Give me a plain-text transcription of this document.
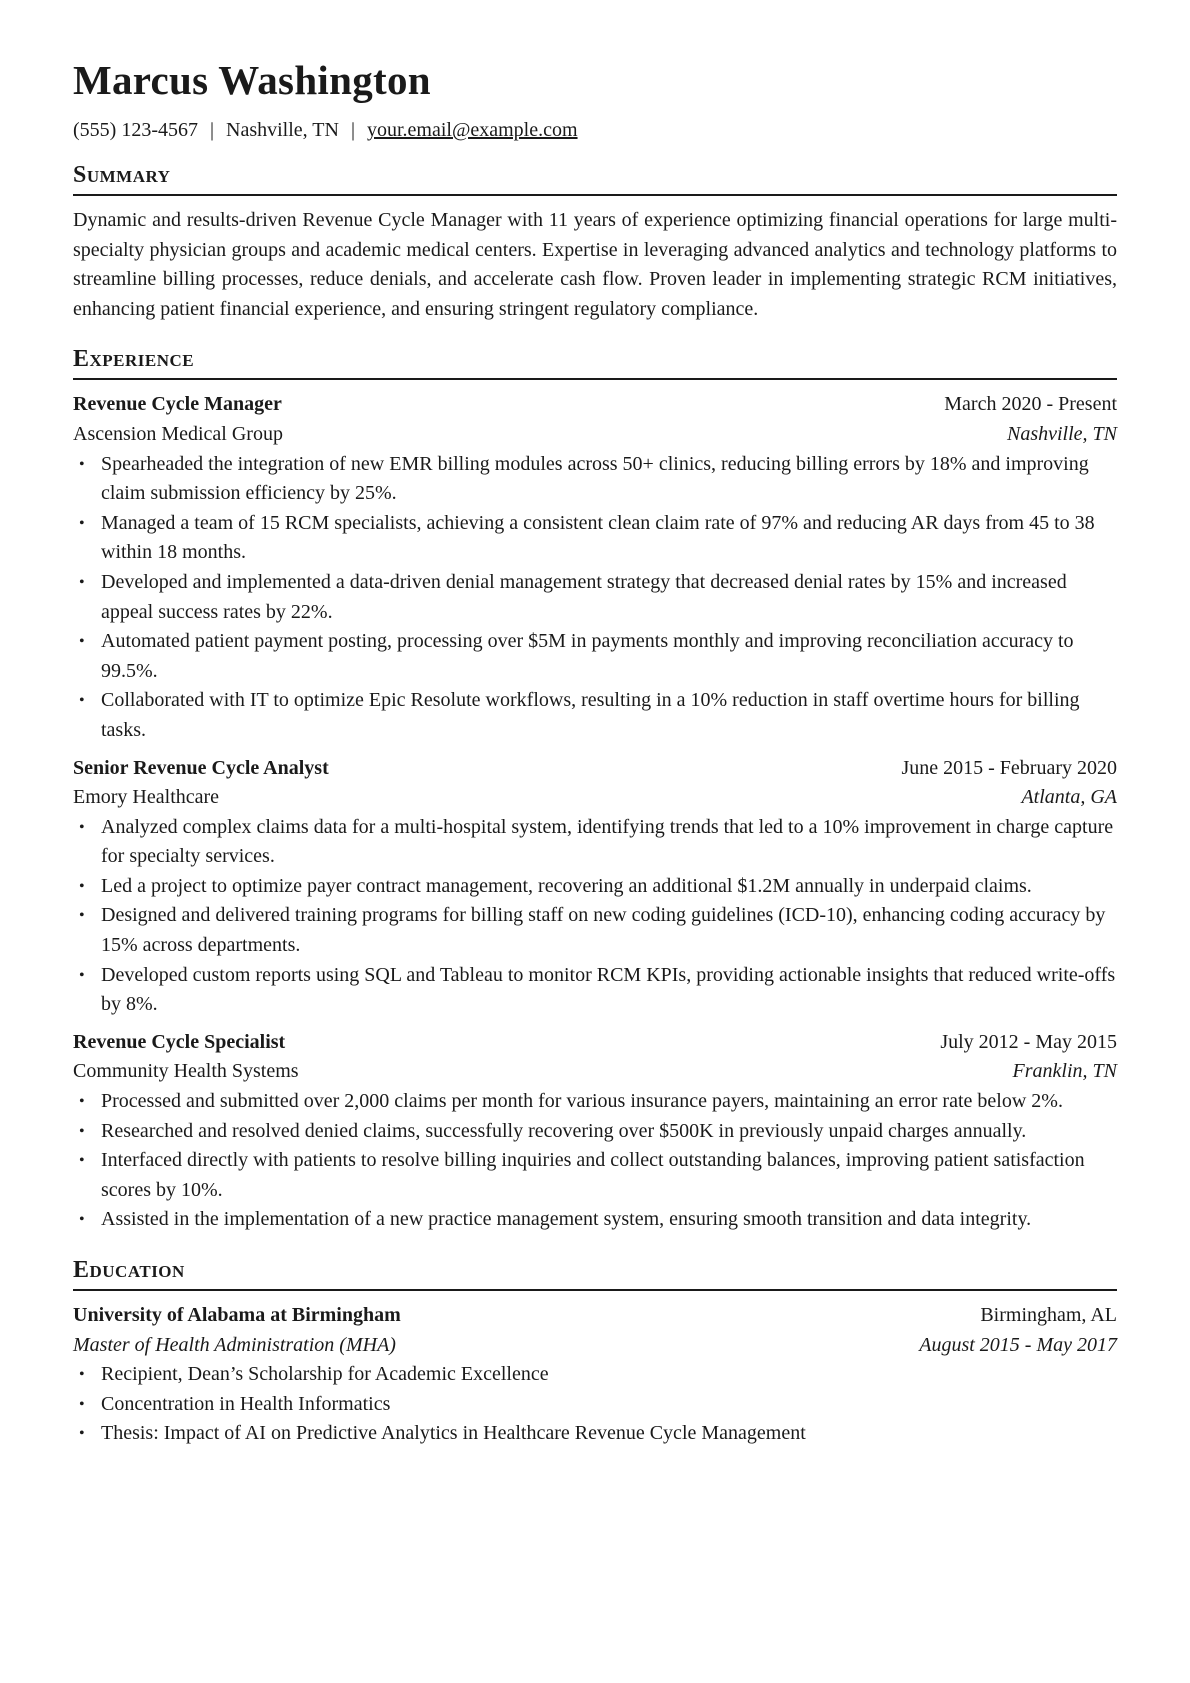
Marcus Washington
(555) 123-4567 | Nashville, TN | your.email@example.com
Summary

Dynamic and results-driven Revenue Cycle Manager with 11 years of experience optimizing financial operations for large multi-specialty physician groups and academic medical centers. Expertise in leveraging advanced analytics and technology platforms to streamline billing processes, reduce denials, and accelerate cash flow. Proven leader in implementing strategic RCM initiatives, enhancing patient financial experience, and ensuring stringent regulatory compliance.

Experience
Revenue Cycle Manager	March 2020 - Present
Ascension Medical Group	Nashville, TN
• Spearheaded the integration of new EMR billing modules across 50+ clinics, reducing billing errors by 18% and improving claim submission efficiency by 25%.
• Managed a team of 15 RCM specialists, achieving a consistent clean claim rate of 97% and reducing AR days from 45 to 38 within 18 months.
• Developed and implemented a data-driven denial management strategy that decreased denial rates by 15% and increased appeal success rates by 22%.
• Automated patient payment posting, processing over $5M in payments monthly and improving reconciliation accuracy to 99.5%.
• Collaborated with IT to optimize Epic Resolute workflows, resulting in a 10% reduction in staff overtime hours for billing tasks.
Senior Revenue Cycle Analyst	June 2015 - February 2020
Emory Healthcare	Atlanta, GA
• Analyzed complex claims data for a multi-hospital system, identifying trends that led to a 10% improvement in charge capture for specialty services.
• Led a project to optimize payer contract management, recovering an additional $1.2M annually in underpaid claims.
• Designed and delivered training programs for billing staff on new coding guidelines (ICD-10), enhancing coding accuracy by 15% across departments.
• Developed custom reports using SQL and Tableau to monitor RCM KPIs, providing actionable insights that reduced write-offs by 8%.
Revenue Cycle Specialist	July 2012 - May 2015
Community Health Systems	Franklin, TN
• Processed and submitted over 2,000 claims per month for various insurance payers, maintaining an error rate below 2%.
• Researched and resolved denied claims, successfully recovering over $500K in previously unpaid charges annually.
• Interfaced directly with patients to resolve billing inquiries and collect outstanding balances, improving patient satisfaction scores by 10%.
• Assisted in the implementation of a new practice management system, ensuring smooth transition and data integrity.
Education
University of Alabama at Birmingham	Birmingham, AL
Master of Health Administration (MHA)	August 2015 - May 2017
• Recipient, Dean’s Scholarship for Academic Excellence
• Concentration in Health Informatics
• Thesis: Impact of AI on Predictive Analytics in Healthcare Revenue Cycle Management
